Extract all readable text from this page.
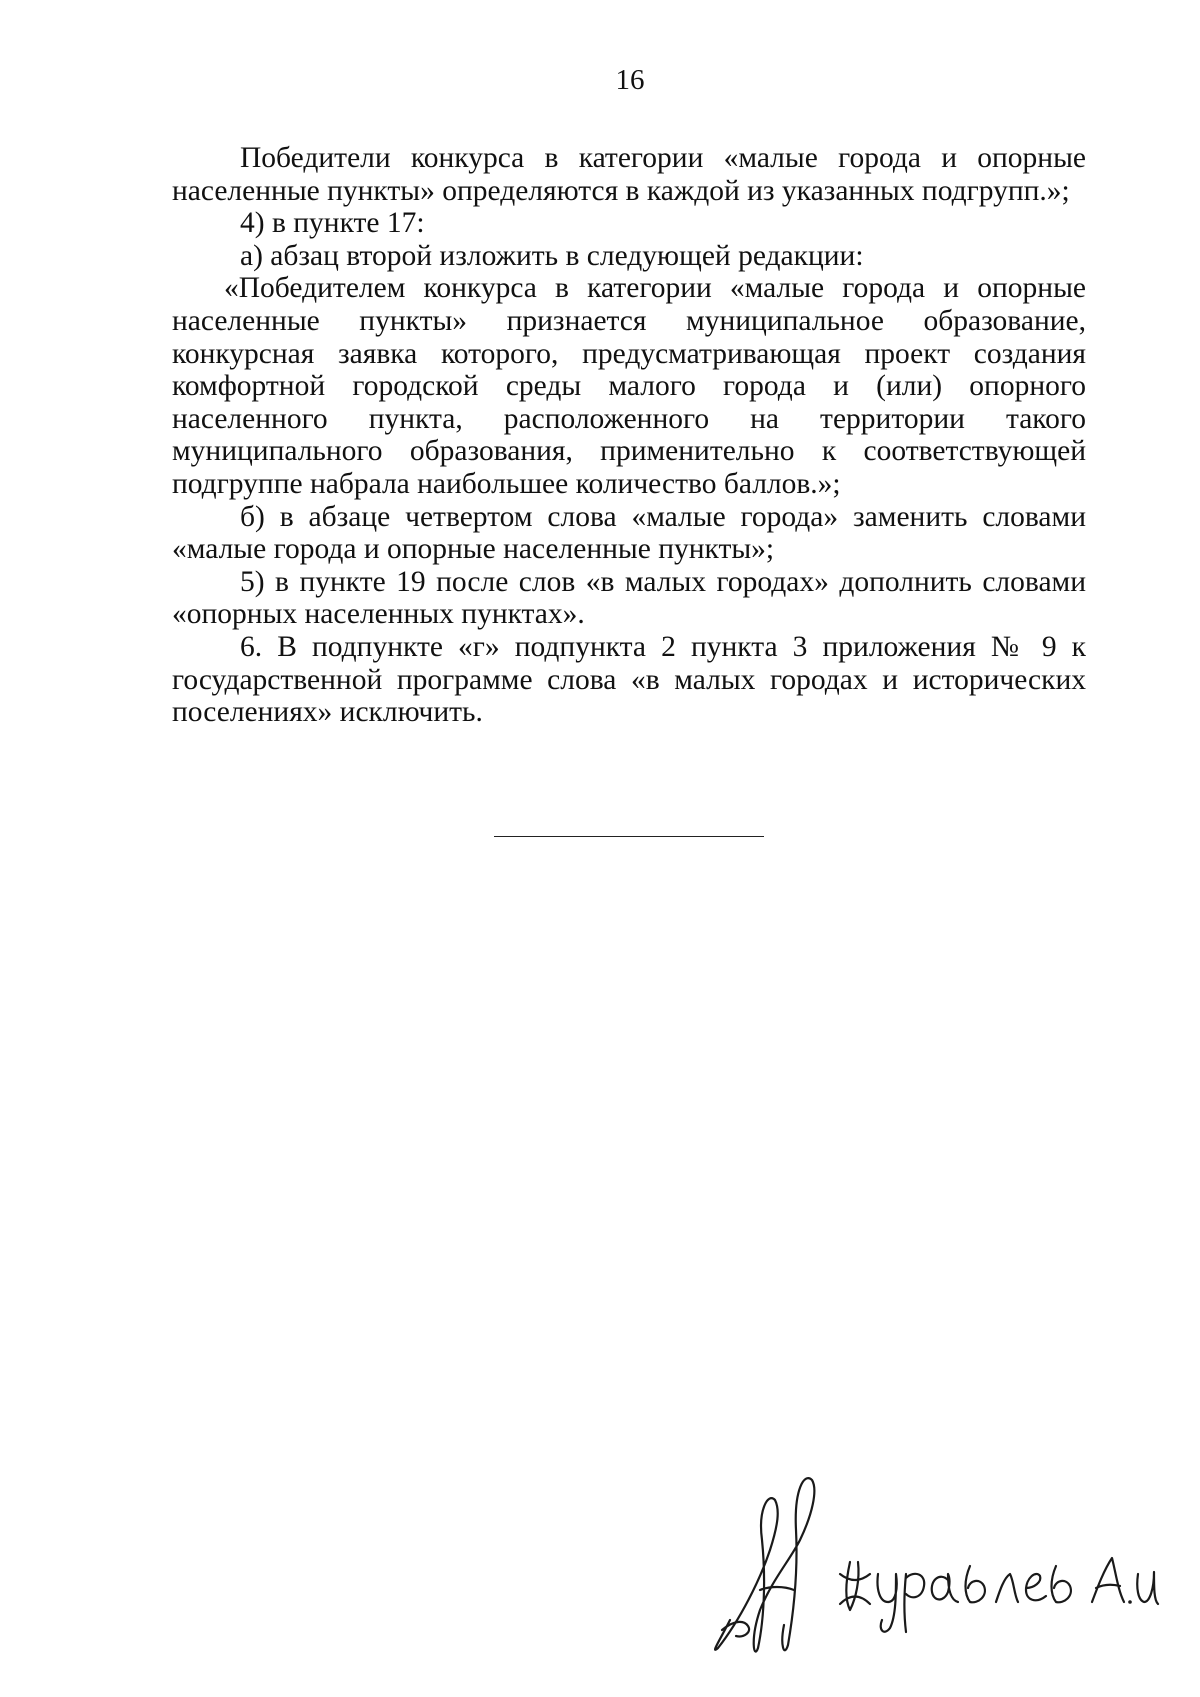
16

Победители конкурса в категории «малые города и опорные населенные пункты» определяются в каждой из указанных подгрупп.»;

4) в пункте 17:

а) абзац второй изложить в следующей редакции:

«Победителем конкурса в категории «малые города и опорные населенные пункты» признается муниципальное образование, конкурсная заявка которого, предусматривающая проект создания комфортной городской среды малого города и (или) опорного населенного пункта, расположенного на территории такого муниципального образования, применительно к соответствующей подгруппе набрала наибольшее количество баллов.»;

б) в абзаце четвертом слова «малые города» заменить словами «малые города и опорные населенные пункты»;

5) в пункте 19 после слов «в малых городах» дополнить словами «опорных населенных пунктах».

6. В подпункте «г» подпункта 2 пункта 3 приложения № 9 к государственной программе слова «в малых городах и исторических поселениях» исключить.
